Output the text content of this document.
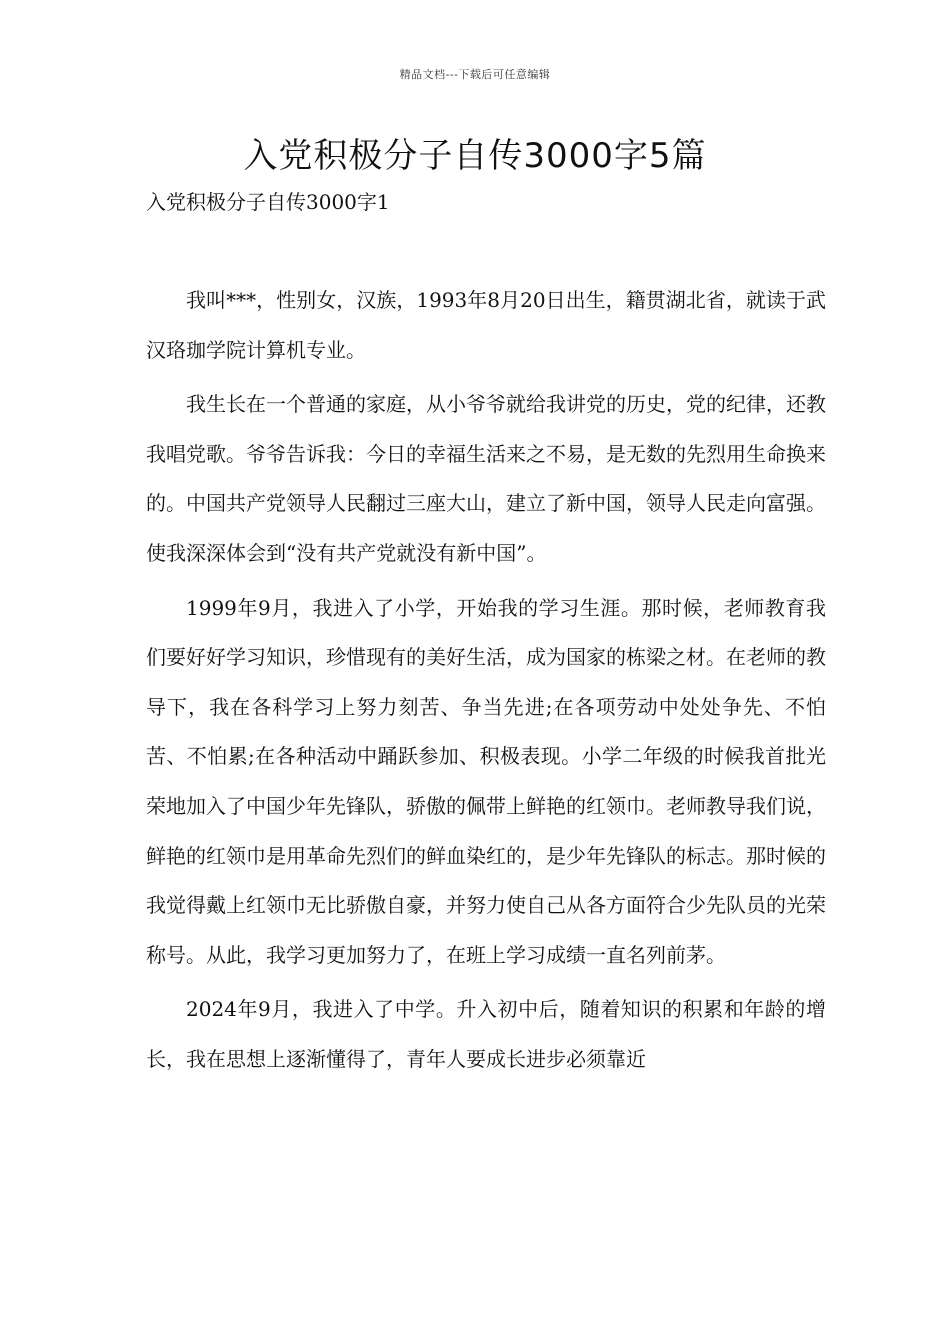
精品文档---下载后可任意编辑
入党积极分子自传3000字5篇
入党积极分子自传3000字1

我叫***，性别女，汉族，1993年8月20日出生，籍贯湖北省，就读于武汉珞珈学院计算机专业。

我生长在一个普通的家庭，从小爷爷就给我讲党的历史，党的纪律，还教我唱党歌。爷爷告诉我：今日的幸福生活来之不易，是无数的先烈用生命换来的。中国共产党领导人民翻过三座大山，建立了新中国，领导人民走向富强。使我深深体会到“没有共产党就没有新中国”。

1999年9月，我进入了小学，开始我的学习生涯。那时候，老师教育我们要好好学习知识，珍惜现有的美好生活，成为国家的栋梁之材。在老师的教导下，我在各科学习上努力刻苦、争当先进;在各项劳动中处处争先、不怕苦、不怕累;在各种活动中踊跃参加、积极表现。小学二年级的时候我首批光荣地加入了中国少年先锋队，骄傲的佩带上鲜艳的红领巾。老师教导我们说，鲜艳的红领巾是用革命先烈们的鲜血染红的，是少年先锋队的标志。那时候的我觉得戴上红领巾无比骄傲自豪，并努力使自己从各方面符合少先队员的光荣称号。从此，我学习更加努力了，在班上学习成绩一直名列前茅。

2024年9月，我进入了中学。升入初中后，随着知识的积累和年龄的增长，我在思想上逐渐懂得了，青年人要成长进步必须靠近
